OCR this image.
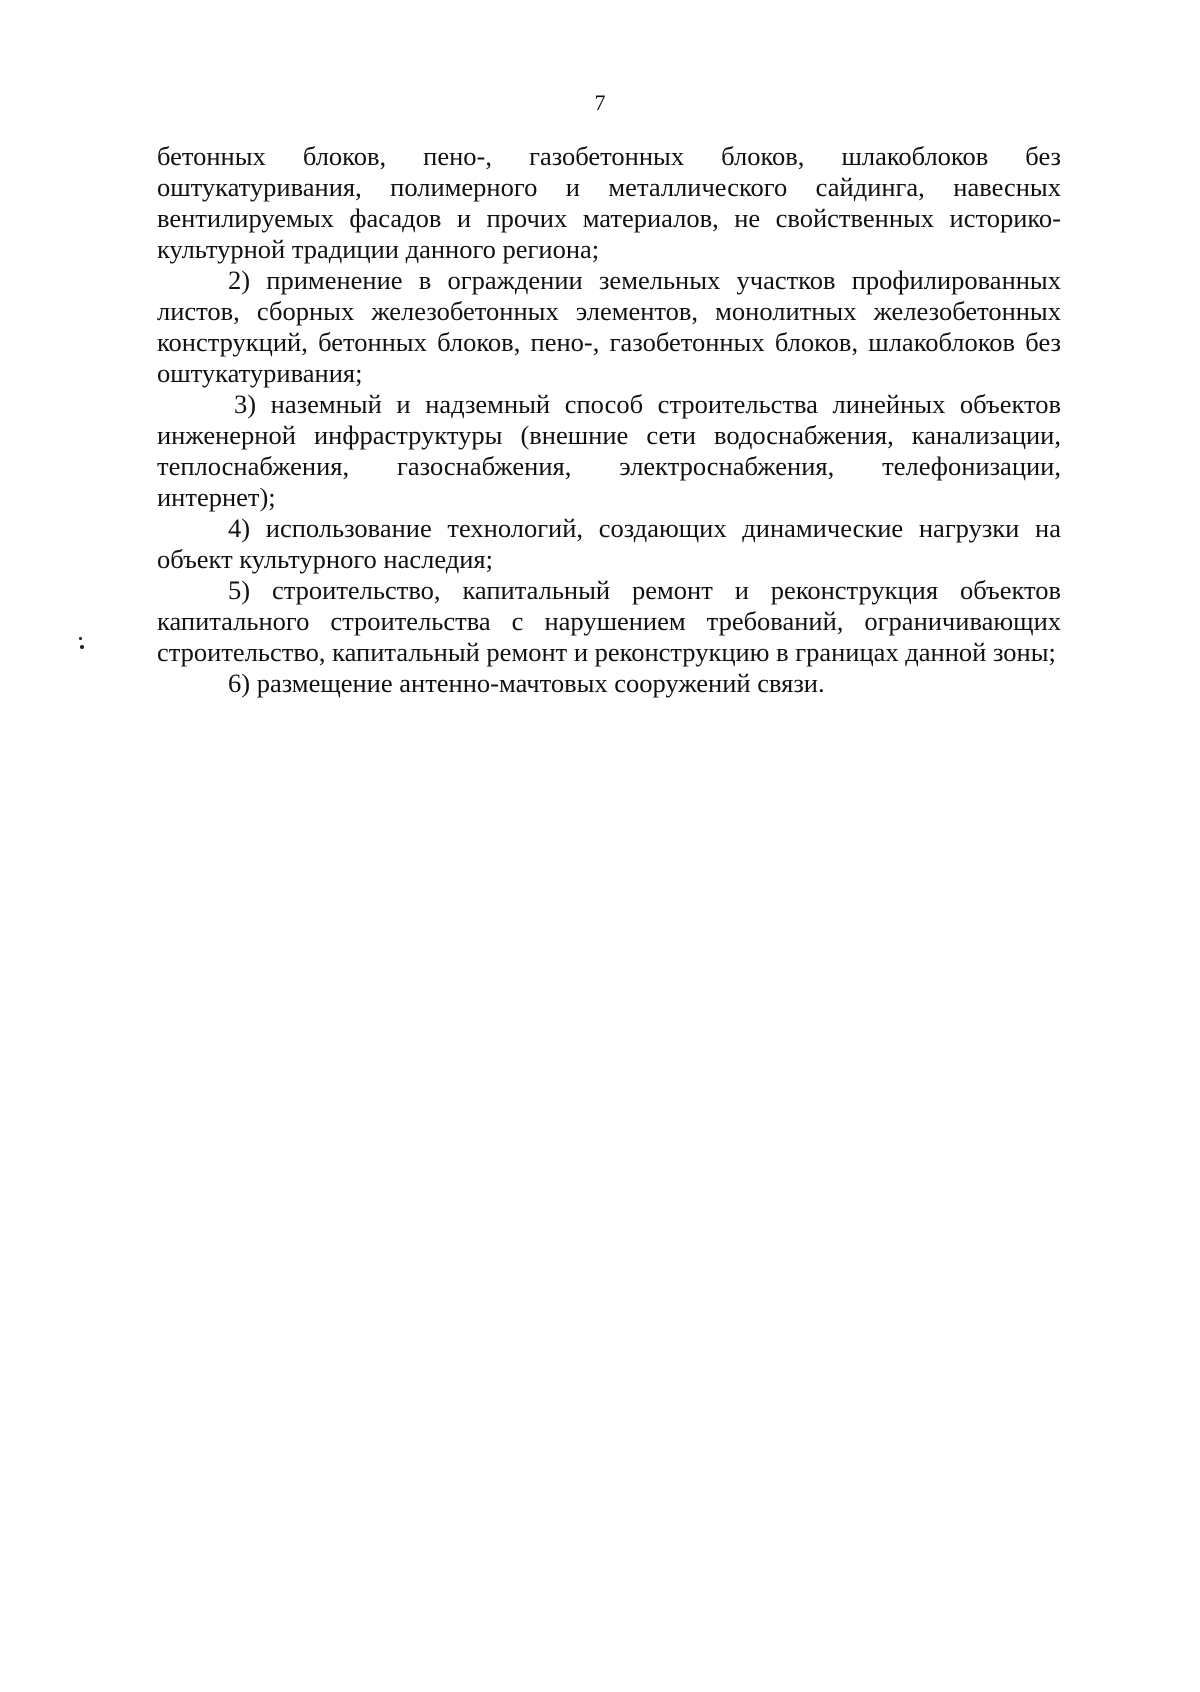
7

бетонных блоков, пено-, газобетонных блоков, шлакоблоков без оштукатуривания, полимерного и металлического сайдинга, навесных вентилируемых фасадов и прочих материалов, не свойственных историко-культурной традиции данного региона;

2) применение в ограждении земельных участков профилированных листов, сборных железобетонных элементов, монолитных железобетонных конструкций, бетонных блоков, пено-, газобетонных блоков, шлакоблоков без оштукатуривания;

3) наземный и надземный способ строительства линейных объектов инженерной инфраструктуры (внешние сети водоснабжения, канализации, теплоснабжения, газоснабжения, электроснабжения, телефонизации, интернет);

4) использование технологий, создающих динамические нагрузки на объект культурного наследия;

5) строительство, капитальный ремонт и реконструкция объектов капитального строительства с нарушением требований, ограничивающих строительство, капитальный ремонт и реконструкцию в границах данной зоны;

6) размещение антенно-мачтовых сооружений связи.
